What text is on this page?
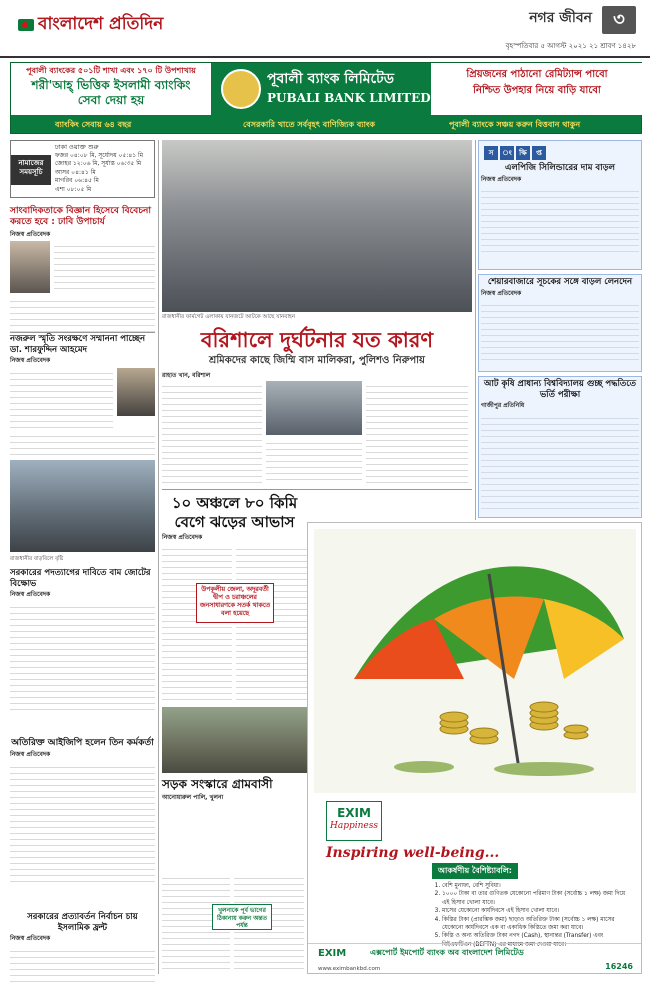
বাংলাদেশ প্রতিদিন	নগর জীবন	৩
বৃহস্পতিবার ৫ আগস্ট ২০২১ ২১ শ্রাবণ ১৪২৮
পূবালী ব্যাংকের ৫০১টি শাখা এবং ১৭০ টি উপশাখায়
শরী'আহ্ ভিত্তিক ইসলামী ব্যাংকিং
সেবা দেয়া হয়
পূবালী ব্যাংক লিমিটেড
PUBALI BANK LIMITED
প্রিয়জনের পাঠানো রেমিট্যান্স পাবো
নিশ্চিত উপহার নিয়ে বাড়ি যাবো
ব্যাংকিং সেবায় ৬৪ বছর	বেসরকারি খাতে সর্ববৃহৎ বাণিজ্যিক ব্যাংক	পূবালী ব্যাংকে সঞ্চয় করুন বিত্তবান থাকুন
নামাজের সময়সূচি
ঢাকা ওয়াক্ত শুরু
ফজর ০৪:০৮ মি, সূর্যোদয় ০৫:৪১ মি
জোহর ১২:০৬ মি, সূর্যাস্ত ০৬:৩৫ মি
আসর ০৪:৪১ মি
মাগরিব ০৬:৪৫ মি
এশা ০৮:০৫ মি
সাংবাদিকতাকে বিজ্ঞান হিসেবে বিবেচনা করতে হবে : ঢাবি উপাচার্য
নিজস্ব প্রতিবেদক
নজরুল স্মৃতি সংরক্ষণে সম্মাননা পাচ্ছেন ডা. শারফুদ্দিন আহমেদ
নিজস্ব প্রতিবেদক
রাজধানীর বাড়বিলে বৃষ্টি
সরকারের পদত্যাগের দাবিতে বাম জোটের বিক্ষোভ
নিজস্ব প্রতিবেদক
অতিরিক্ত আইজিপি হলেন তিন কর্মকর্তা
নিজস্ব প্রতিবেদক
সরকারের প্রত্যাবর্তন নির্বাচন চায় ইসলামিক ফ্রন্ট
নিজস্ব প্রতিবেদক
রাজধানীর ফার্মগেট এলাকায় যানজটে আটকে আছে যানবাহন
বরিশালে দুর্ঘটনার যত কারণ
শ্রমিকদের কাছে জিম্মি বাস মালিকরা, পুলিশও নিরুপায়
রাহাত খান, বরিশাল
১০ অঞ্চলে ৮০ কিমি বেগে ঝড়ের আভাস
নিজস্ব প্রতিবেদক
উপকূলীয় জেলা, অদূরবর্তী দ্বীপ ও চরাঞ্চলের জনসাধারণকে সতর্ক থাকতে বলা হয়েছে
সড়ক সংস্কারে গ্রামবাসী
আনোয়ারুল পালি, খুলনা
খুলনাকে পূর্ব ভাগের ঠিকানায় করুন অন্তত পর্যন্ত
স	ং	ক্ষি	প্ত
এলপিজি সিলিন্ডারের দাম বাড়ল
নিজস্ব প্রতিবেদক
শেয়ারবাজারে সূচকের সঙ্গে বাড়ল লেনদেন
নিজস্ব প্রতিবেদক
আট কৃষি প্রাধান্য বিশ্ববিদ্যালয় গুচ্ছ পদ্ধতিতে ভর্তি পরীক্ষা
গাজীপুর প্রতিনিধি
EXIM
Happiness
Inspiring well-being...
আকর্ষণীয় বৈশিষ্ট্যাবলি:
1. বেশি মুনাফা, বেশি সুবিধা।
2. ১০০০ টাকা বা তার গুণিতক যেকোনো পরিমাণ টাকা (সর্বোচ্চ ১ লক্ষ) জমা দিয়ে এই হিসাব খোলা যাবে।
3. মাসের যেকোনো কার্যদিবসে এই হিসাব খোলা যাবে।
4. কিস্তির টাকা (প্রারম্ভিক জমা) ছাড়াও অতিরিক্ত টাকা (সর্বোচ্চ ১ লক্ষ) মাসের যেকোনো কার্যদিবসে এক বা একাধিক কিস্তিতে জমা করা যাবে।
5. কিস্তি ও অন্য অতিরিক্ত টাকা নগদ (Cash), স্থানান্তর (Transfer) এবং বিইএফটিএন (BEFTN) এর মাধ্যমে জমা দেওয়া যাবে।
EXIM	এক্সপোর্ট ইমপোর্ট ব্যাংক অব বাংলাদেশ লিমিটেড
www.eximbankbd.com	16246
